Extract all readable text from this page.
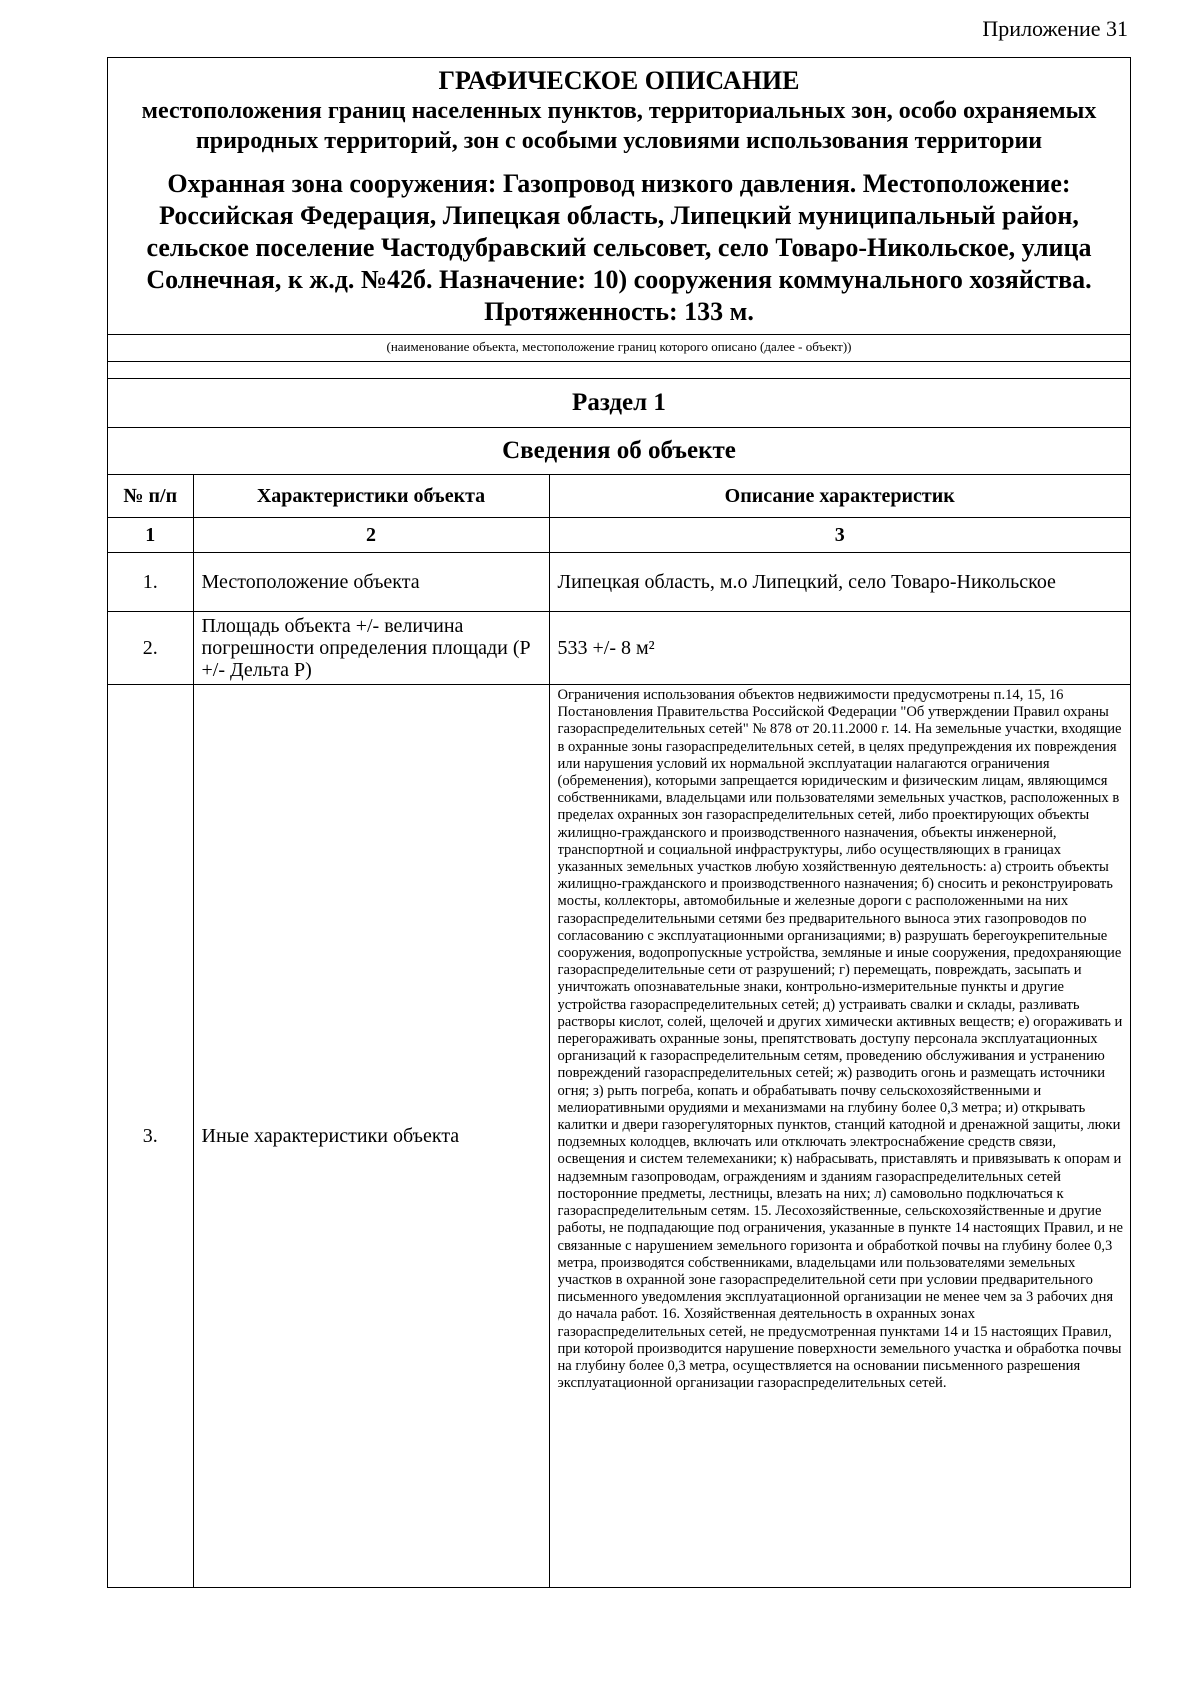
Приложение 31
ГРАФИЧЕСКОЕ ОПИСАНИЕ
местоположения границ населенных пунктов, территориальных зон, особо охраняемых природных территорий, зон с особыми условиями использования территории
Охранная зона сооружения: Газопровод низкого давления. Местоположение: Российская Федерация, Липецкая область, Липецкий муниципальный район, сельское поселение Частодубравский сельсовет, село Товаро-Никольское, улица Солнечная, к ж.д. №42б. Назначение: 10) сооружения коммунального хозяйства. Протяженность: 133 м.
(наименование объекта, местоположение границ которого описано (далее - объект))
Раздел 1
Сведения об объекте
№ п/п	Характеристики объекта	Описание характеристик
1	2	3
1.	Местоположение объекта	Липецкая область, м.о Липецкий, село Товаро-Никольское
2.	Площадь объекта +/- величина погрешности определения площади (Р +/- Дельта Р)	533 +/- 8 м²
3.	Иные характеристики объекта	Ограничения использования объектов недвижимости предусмотрены п.14, 15, 16 Постановления Правительства Российской Федерации "Об утверждении Правил охраны газораспределительных сетей" № 878 от 20.11.2000 г. 14. На земельные участки, входящие в охранные зоны газораспределительных сетей, в целях предупреждения их повреждения или нарушения условий их нормальной эксплуатации налагаются ограничения (обременения), которыми запрещается юридическим и физическим лицам, являющимся собственниками, владельцами или пользователями земельных участков, расположенных в пределах охранных зон газораспределительных сетей, либо проектирующих объекты жилищно-гражданского и производственного назначения, объекты инженерной, транспортной и социальной инфраструктуры, либо осуществляющих в границах указанных земельных участков любую хозяйственную деятельность: а) строить объекты жилищно-гражданского и производственного назначения; б) сносить и реконструировать мосты, коллекторы, автомобильные и железные дороги с расположенными на них газораспределительными сетями без предварительного выноса этих газопроводов по согласованию с эксплуатационными организациями; в) разрушать берегоукрепительные сооружения, водопропускные устройства, земляные и иные сооружения, предохраняющие газораспределительные сети от разрушений; г) перемещать, повреждать, засыпать и уничтожать опознавательные знаки, контрольно-измерительные пункты и другие устройства газораспределительных сетей; д) устраивать свалки и склады, разливать растворы кислот, солей, щелочей и других химически активных веществ; е) огораживать и перегораживать охранные зоны, препятствовать доступу персонала эксплуатационных организаций к газораспределительным сетям, проведению обслуживания и устранению повреждений газораспределительных сетей; ж) разводить огонь и размещать источники огня; з) рыть погреба, копать и обрабатывать почву сельскохозяйственными и мелиоративными орудиями и механизмами на глубину более 0,3 метра; и) открывать калитки и двери газорегуляторных пунктов, станций катодной и дренажной защиты, люки подземных колодцев, включать или отключать электроснабжение средств связи, освещения и систем телемеханики; к) набрасывать, приставлять и привязывать к опорам и надземным газопроводам, ограждениям и зданиям газораспределительных сетей посторонние предметы, лестницы, влезать на них; л) самовольно подключаться к газораспределительным сетям. 15. Лесохозяйственные, сельскохозяйственные и другие работы, не подпадающие под ограничения, указанные в пункте 14 настоящих Правил, и не связанные с нарушением земельного горизонта и обработкой почвы на глубину более 0,3 метра, производятся собственниками, владельцами или пользователями земельных участков в охранной зоне газораспределительной сети при условии предварительного письменного уведомления эксплуатационной организации не менее чем за 3 рабочих дня до начала работ. 16. Хозяйственная деятельность в охранных зонах газораспределительных сетей, не предусмотренная пунктами 14 и 15 настоящих Правил, при которой производится нарушение поверхности земельного участка и обработка почвы на глубину более 0,3 метра, осуществляется на основании письменного разрешения эксплуатационной организации газораспределительных сетей.
